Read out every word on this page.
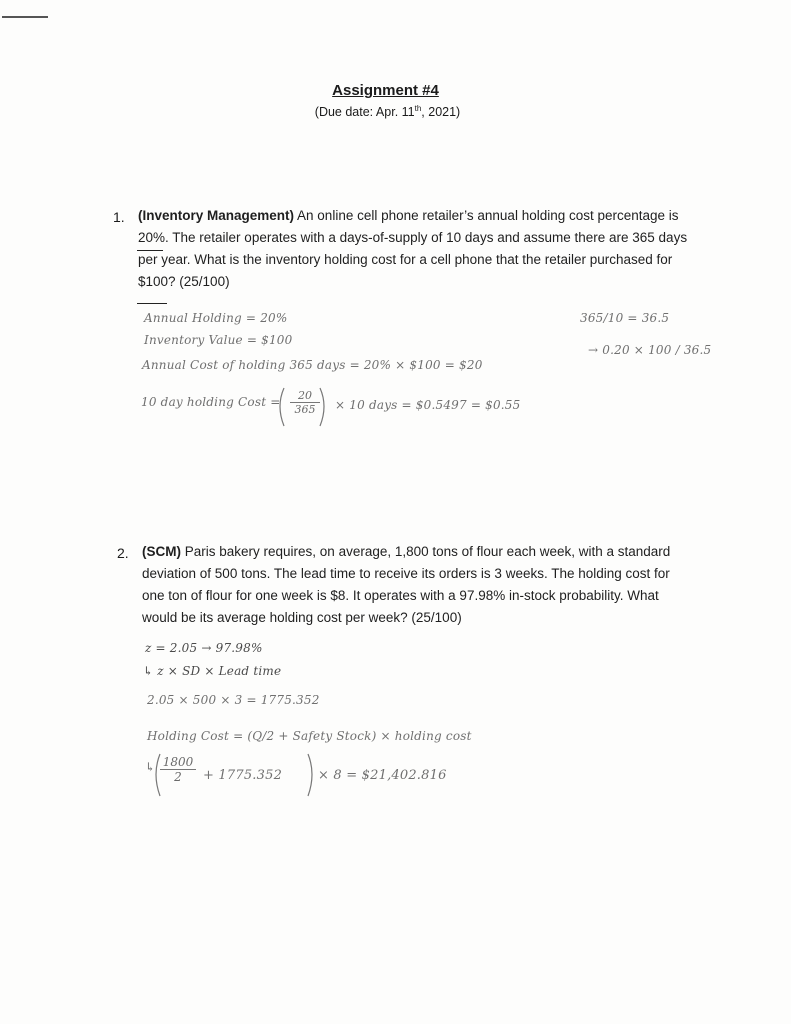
Assignment #4
(Due date: Apr. 11th, 2021)
1. (Inventory Management) An online cell phone retailer’s annual holding cost percentage is
20%. The retailer operates with a days-of-supply of 10 days and assume there are 365 days
per year. What is the inventory holding cost for a cell phone that the retailer purchased for
$100? (25/100)
Annual Holding = 20%
Inventory Value = $100
Annual Cost of holding 365 days = 20% × $100 = $20
10 day holding Cost = $\frac{20}{365} \times 10$ days = $0.5497 = $0.55
365/10 = 36.5
→ 0.20 × 100 / 36.5
2. (SCM) Paris bakery requires, on average, 1,800 tons of flour each week, with a standard
deviation of 500 tons. The lead time to receive its orders is 3 weeks. The holding cost for
one ton of flour for one week is $8. It operates with a 97.98% in-stock probability. What
would be its average holding cost per week? (25/100)
z = 2.05 → 97.98%
↳ z × SD × Lead time
2.05 × 500 × 3 = 1775.352
Holding Cost = (Q/2 + Safety Stock) × holding cost
↳ $\frac{1800}{2} + 1775.352$	× 8 = $21,402.816
